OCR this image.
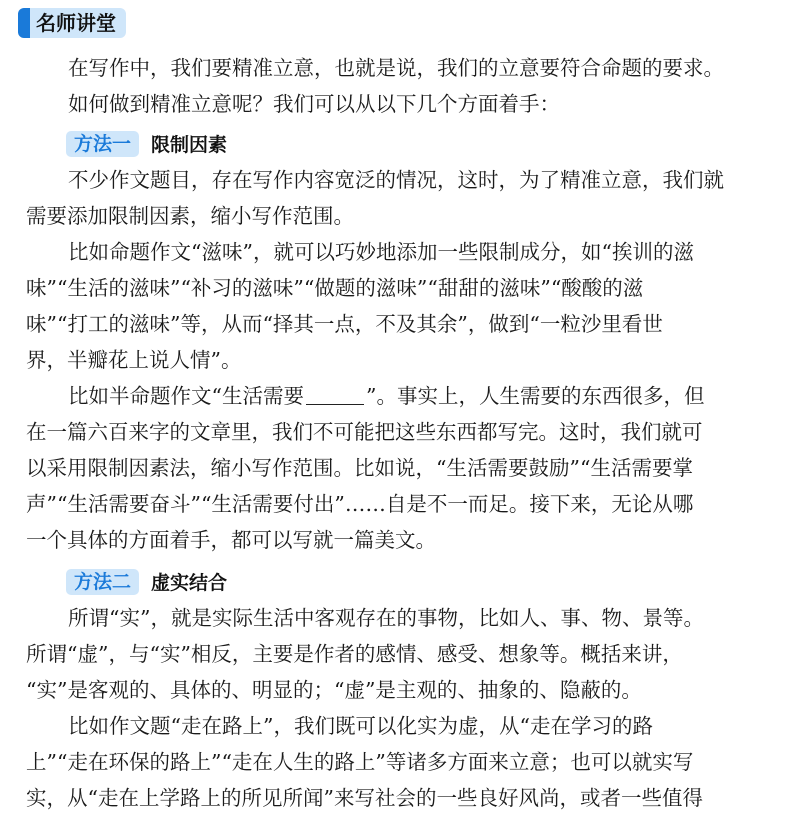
名师讲堂
在写作中，我们要精准立意，也就是说，我们的立意要符合命题的要求。
如何做到精准立意呢？我们可以从以下几个方面着手：
方法一	限制因素
不少作文题目，存在写作内容宽泛的情况，这时，为了精准立意，我们就
需要添加限制因素，缩小写作范围。
比如命题作文“滋味”，就可以巧妙地添加一些限制成分，如“挨训的滋
味”“生活的滋味”“补习的滋味”“做题的滋味”“甜甜的滋味”“酸酸的滋
味”“打工的滋味”等，从而“择其一点，不及其余”，做到“一粒沙里看世
界，半瓣花上说人情”。
比如半命题作文“生活需要	”。事实上，人生需要的东西很多，但
在一篇六百来字的文章里，我们不可能把这些东西都写完。这时，我们就可
以采用限制因素法，缩小写作范围。比如说，“生活需要鼓励”“生活需要掌
声”“生活需要奋斗”“生活需要付出”……自是不一而足。接下来，无论从哪
一个具体的方面着手，都可以写就一篇美文。
方法二	虚实结合
所谓“实”，就是实际生活中客观存在的事物，比如人、事、物、景等。
所谓“虚”，与“实”相反，主要是作者的感情、感受、想象等。概括来讲，
“实”是客观的、具体的、明显的；“虚”是主观的、抽象的、隐蔽的。
比如作文题“走在路上”，我们既可以化实为虚，从“走在学习的路
上”“走在环保的路上”“走在人生的路上”等诸多方面来立意；也可以就实写
实，从“走在上学路上的所见所闻”来写社会的一些良好风尚，或者一些值得
